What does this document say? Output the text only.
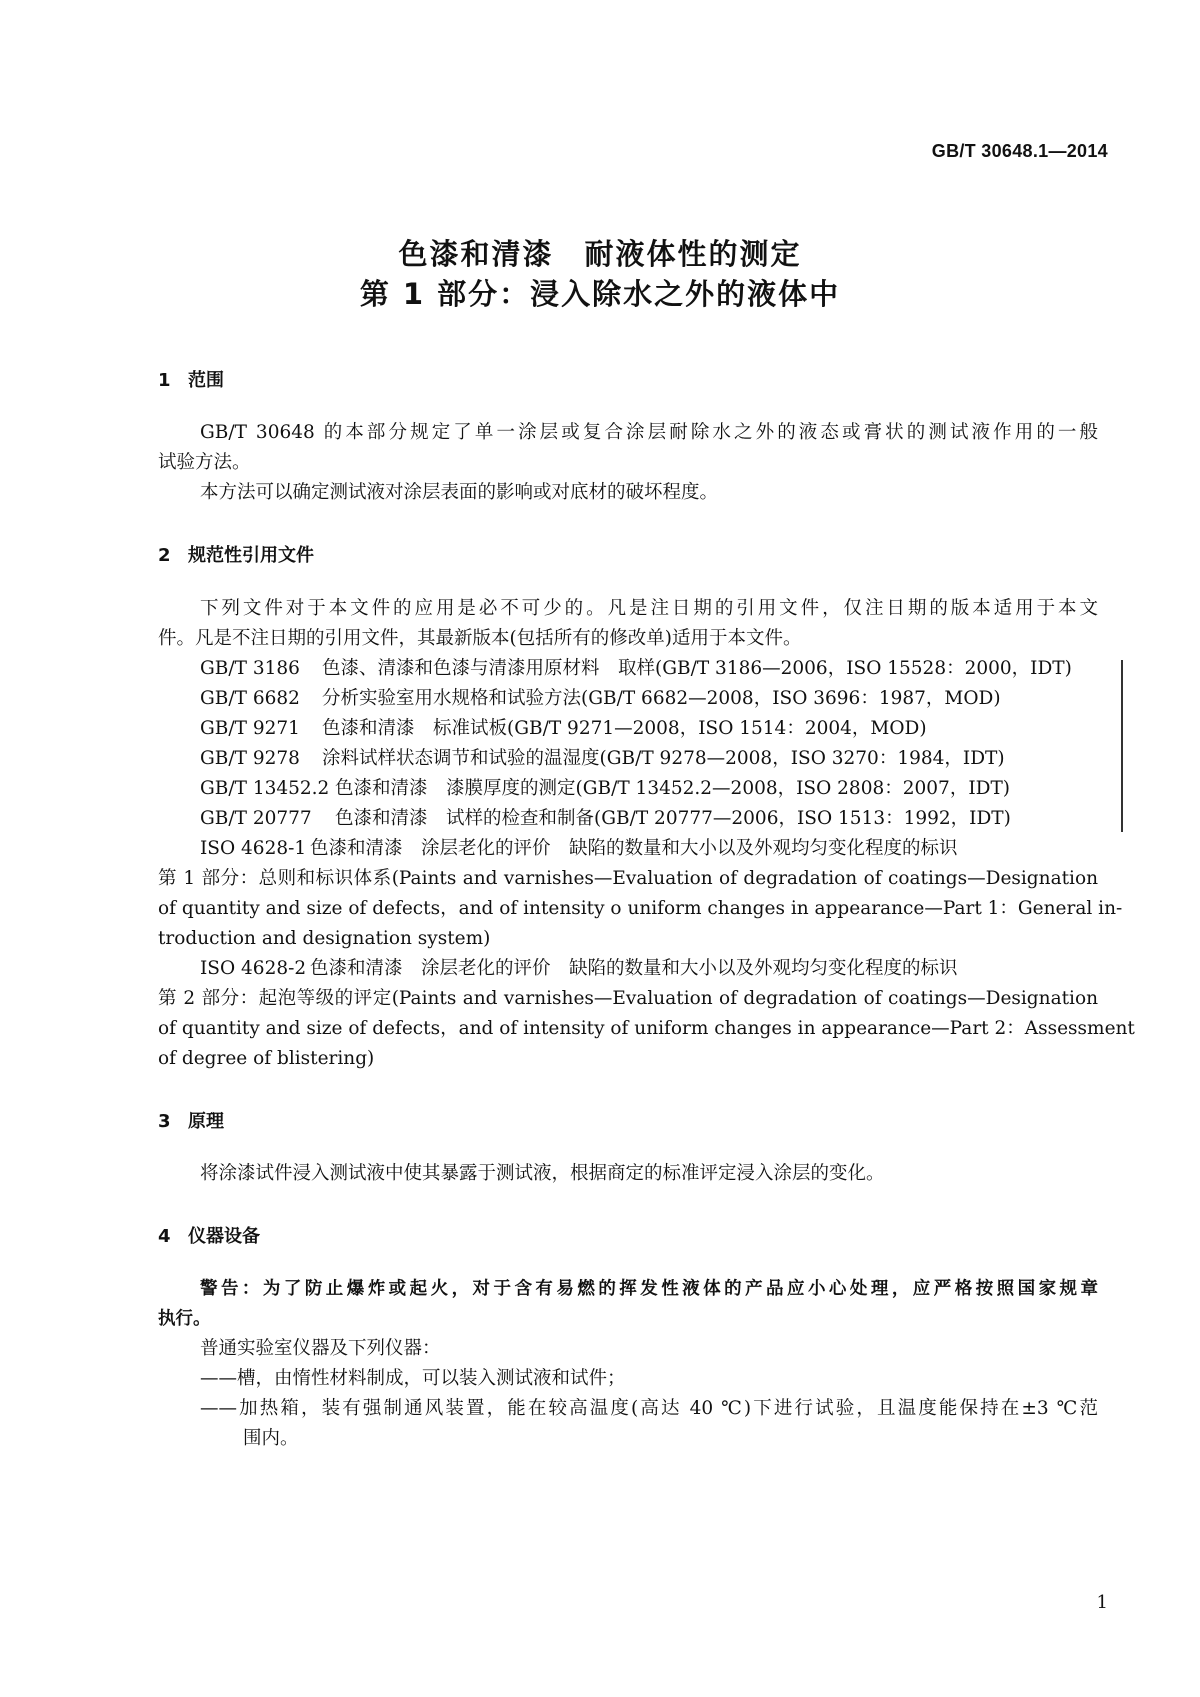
GB/T 30648.1—2014
色漆和清漆　耐液体性的测定
第 1 部分：浸入除水之外的液体中
1 范围
GB/T 30648 的本部分规定了单一涂层或复合涂层耐除水之外的液态或膏状的测试液作用的一般
试验方法。
本方法可以确定测试液对涂层表面的影响或对底材的破坏程度。
2 规范性引用文件
下列文件对于本文件的应用是必不可少的。凡是注日期的引用文件，仅注日期的版本适用于本文
件。凡是不注日期的引用文件，其最新版本(包括所有的修改单)适用于本文件。
GB/T 3186 色漆、清漆和色漆与清漆用原材料　取样(GB/T 3186—2006，ISO 15528：2000，IDT)
GB/T 6682 分析实验室用水规格和试验方法(GB/T 6682—2008，ISO 3696：1987，MOD)
GB/T 9271 色漆和清漆　标准试板(GB/T 9271—2008，ISO 1514：2004，MOD)
GB/T 9278 涂料试样状态调节和试验的温湿度(GB/T 9278—2008，ISO 3270：1984，IDT)
GB/T 13452.2 色漆和清漆　漆膜厚度的测定(GB/T 13452.2—2008，ISO 2808：2007，IDT)
GB/T 20777 色漆和清漆　试样的检查和制备(GB/T 20777—2006，ISO 1513：1992，IDT)
ISO 4628-1 色漆和清漆　涂层老化的评价　缺陷的数量和大小以及外观均匀变化程度的标识
第 1 部分：总则和标识体系(Paints and varnishes—Evaluation of degradation of coatings—Designation
of quantity and size of defects，and of intensity o uniform changes in appearance—Part 1：General in-
troduction and designation system)
ISO 4628-2 色漆和清漆　涂层老化的评价　缺陷的数量和大小以及外观均匀变化程度的标识
第 2 部分：起泡等级的评定(Paints and varnishes—Evaluation of degradation of coatings—Designation
of quantity and size of defects，and of intensity of uniform changes in appearance—Part 2：Assessment
of degree of blistering)
3 原理
将涂漆试件浸入测试液中使其暴露于测试液，根据商定的标准评定浸入涂层的变化。
4 仪器设备
警告：为了防止爆炸或起火，对于含有易燃的挥发性液体的产品应小心处理，应严格按照国家规章
执行。
普通实验室仪器及下列仪器：
——槽，由惰性材料制成，可以装入测试液和试件；
——加热箱，装有强制通风装置，能在较高温度(高达 40 ℃)下进行试验，且温度能保持在±3 ℃范
围内。
1
